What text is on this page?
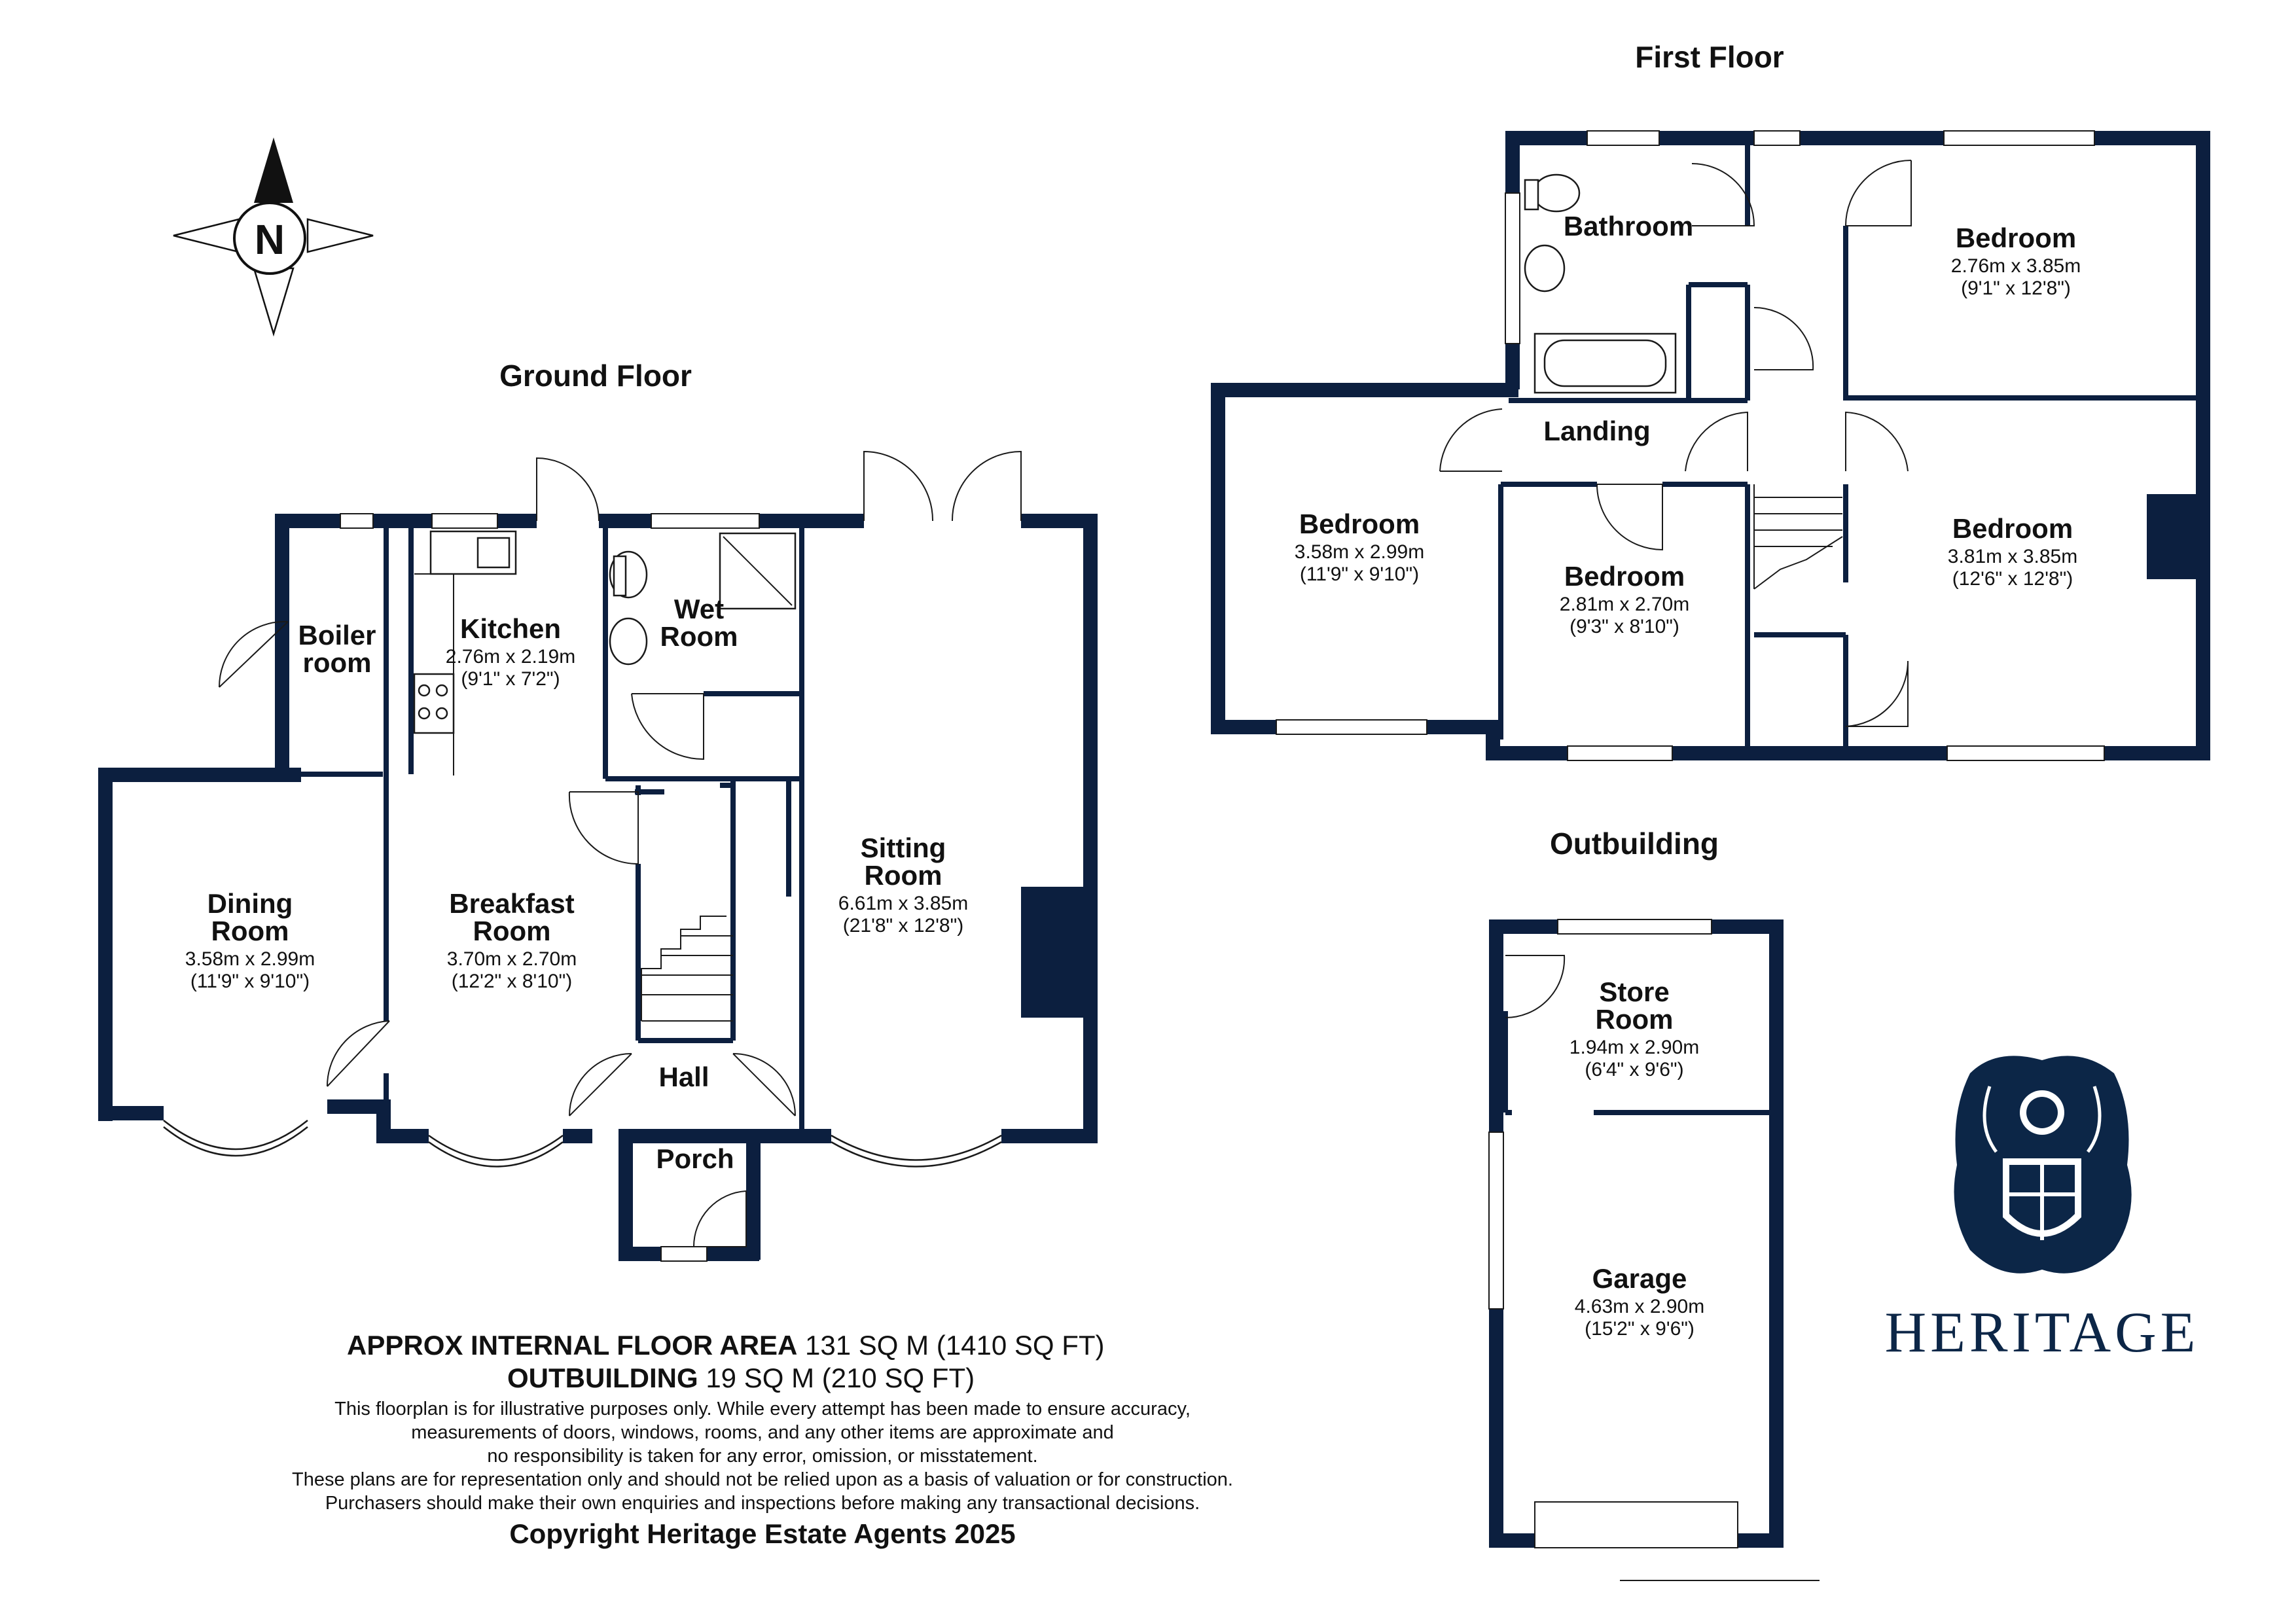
N
Ground Floor
First Floor
Outbuilding
Boiler
room
Kitchen
2.76m x 2.19m
(9'1" x 7'2")
Wet
Room
Dining
Room
3.58m x 2.99m
(11'9" x 9'10")
Breakfast
Room
3.70m x 2.70m
(12'2" x 8'10")
Sitting
Room
6.61m x 3.85m
(21'8" x 12'8")
Hall
Porch
Bathroom	Bedroom
2.76m x 3.85m
(9'1" x 12'8")
Landing
Bedroom
3.58m x 2.99m
(11'9" x 9'10")	Bedroom
2.81m x 2.70m
(9'3" x 8'10")
Bedroom
3.81m x 3.85m
(12'6" x 12'8")
Store
Room
1.94m x 2.90m
(6'4" x 9'6")
Garage
4.63m x 2.90m
(15'2" x 9'6")
APPROX INTERNAL FLOOR AREA 131 SQ M (1410 SQ FT)
OUTBUILDING 19 SQ M (210 SQ FT)
This floorplan is for illustrative purposes only. While every attempt has been made to ensure accuracy,
measurements of doors, windows, rooms, and any other items are approximate and
no responsibility is taken for any error, omission, or misstatement.
These plans are for representation only and should not be relied upon as a basis of valuation or for construction.
Purchasers should make their own enquiries and inspections before making any transactional decisions.
Copyright Heritage Estate Agents 2025
HERITAGE
